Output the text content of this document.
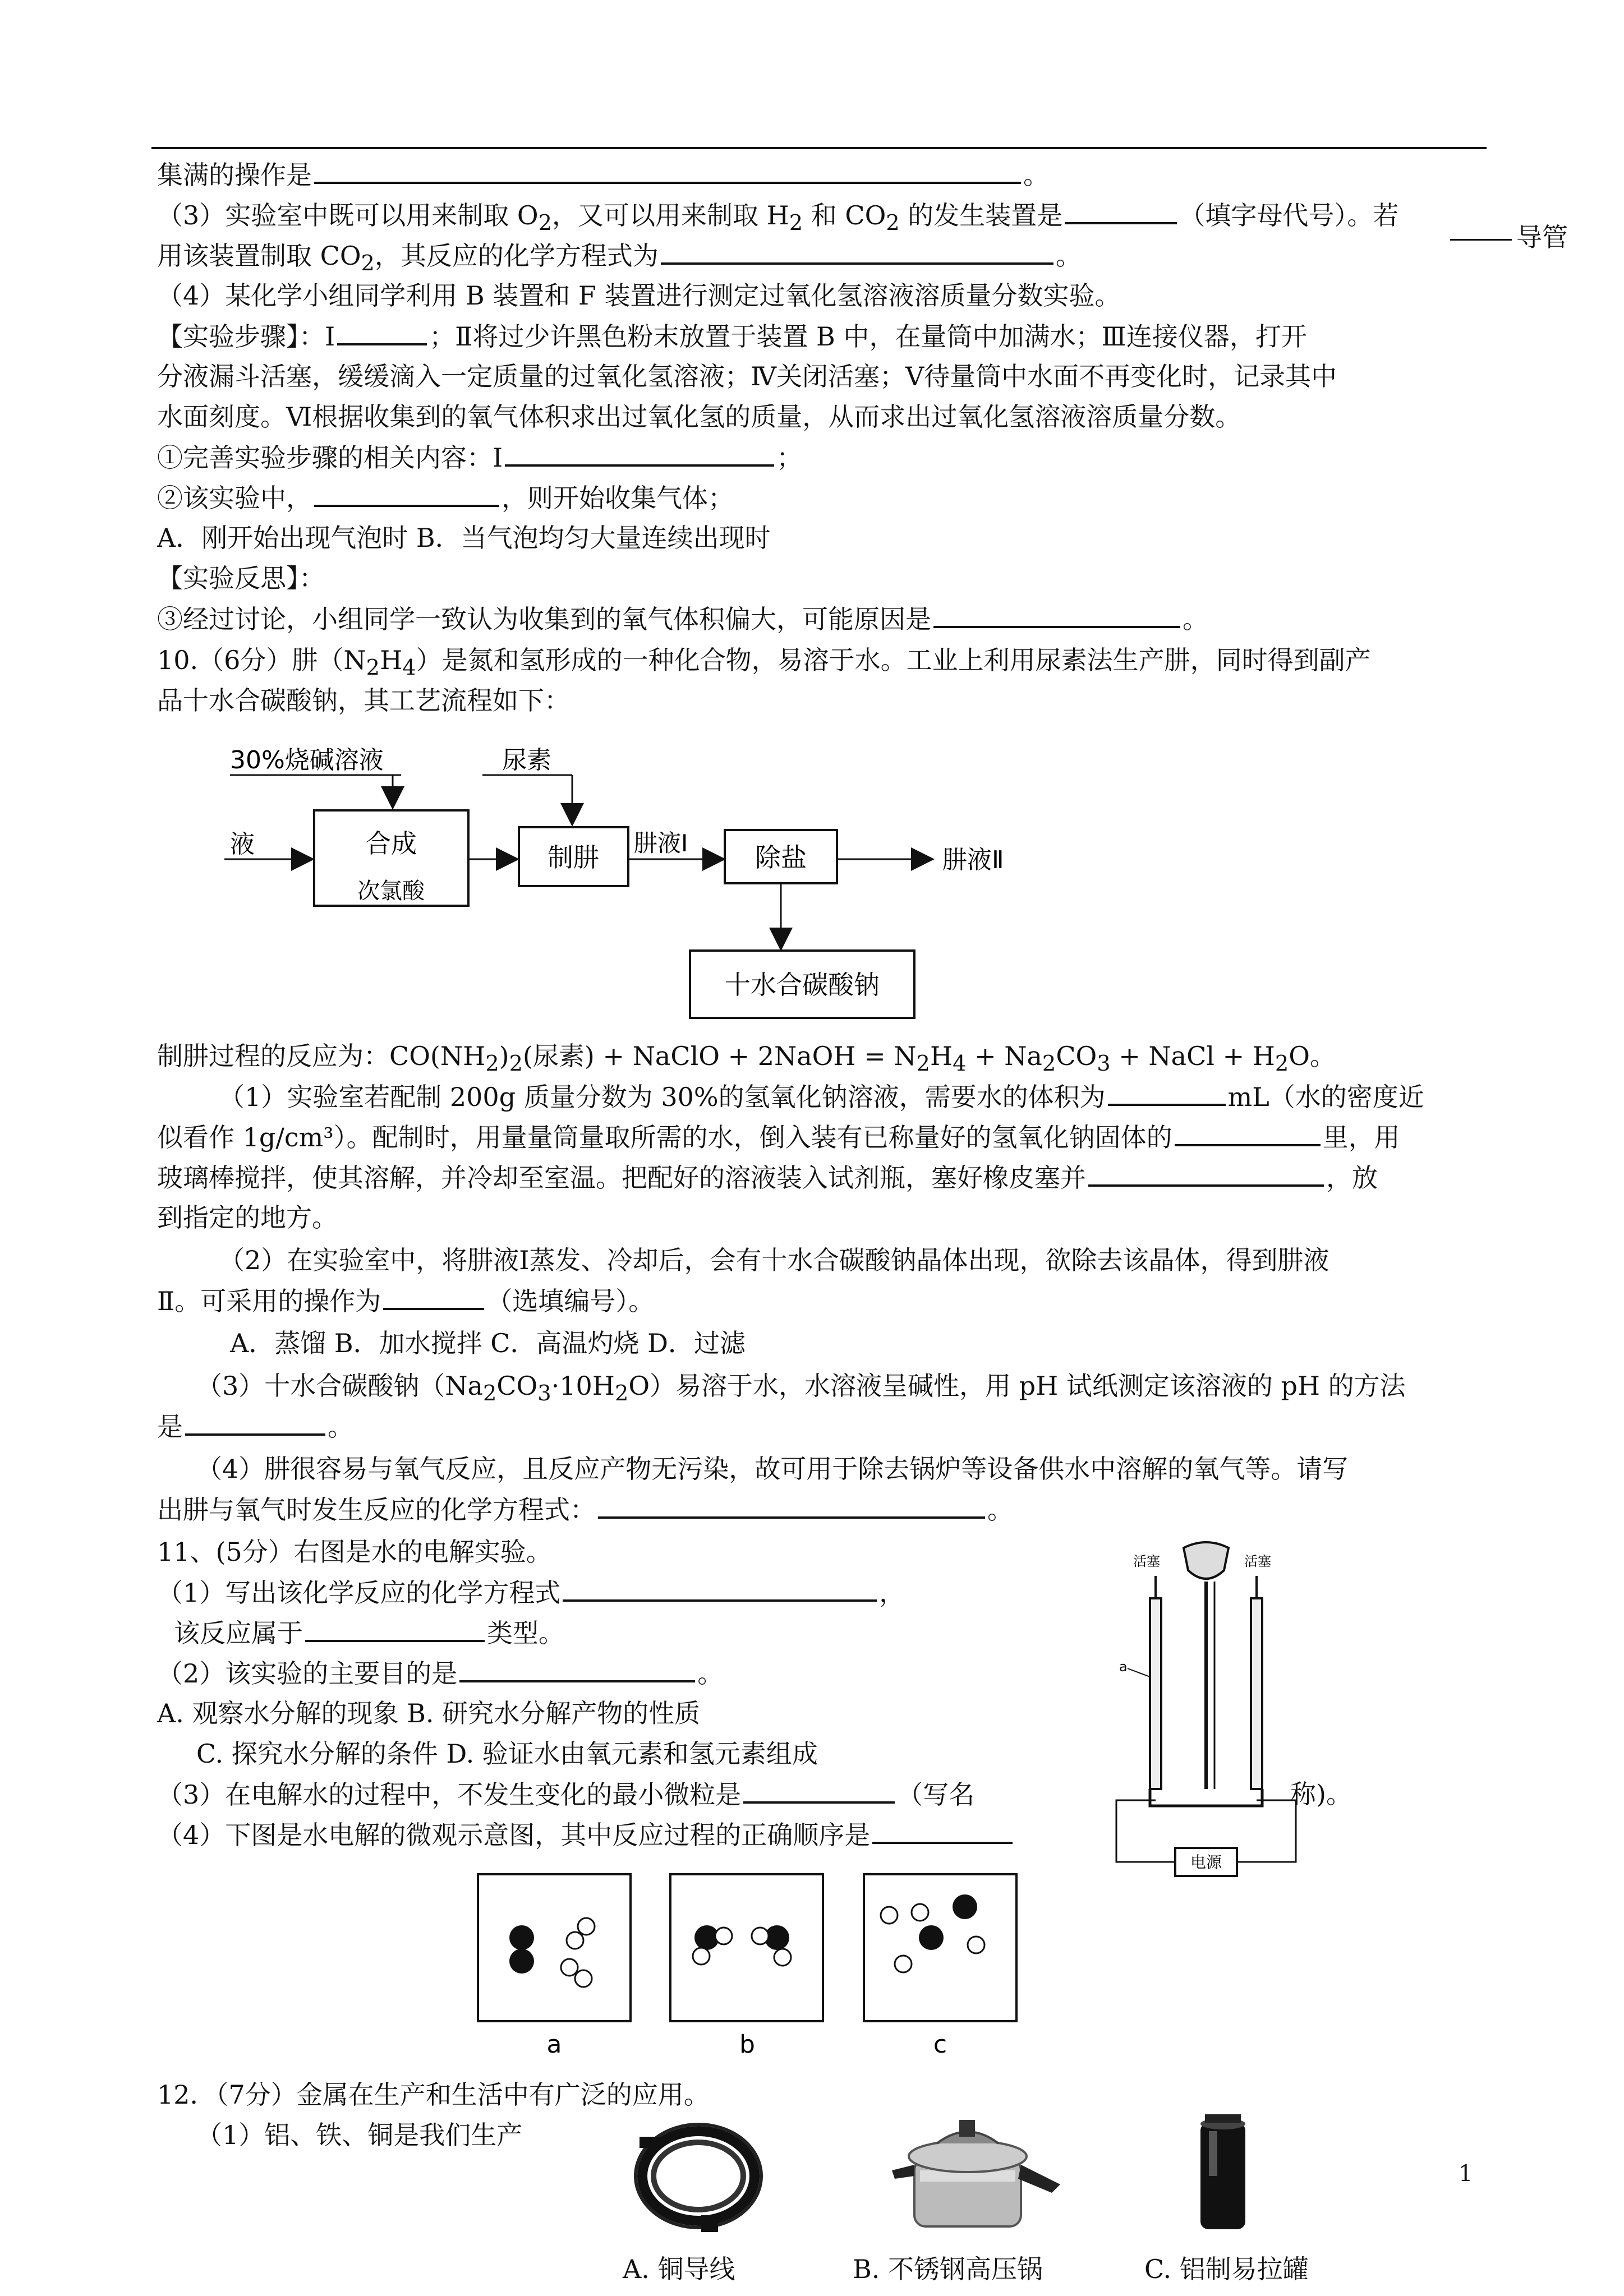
导管
集满的操作是	。
（3）实验室中既可以用来制取 $O_2$，又可以用来制取 $H_2$ 和 $CO_2$ 的发生装置是	（填字母代号）。若
用该装置制取 $CO_2$，其反应的化学方程式为	。
（4）某化学小组同学利用 B 装置和 F 装置进行测定过氧化氢溶液溶质量分数实验。
【实验步骤】：Ⅰ	；Ⅱ将过少许黑色粉末放置于装置 B 中，在量筒中加满水；Ⅲ连接仪器，打开
分液漏斗活塞，缓缓滴入一定质量的过氧化氢溶液；Ⅳ关闭活塞；Ⅴ待量筒中水面不再变化时，记录其中
水面刻度。Ⅵ根据收集到的氧气体积求出过氧化氢的质量，从而求出过氧化氢溶液溶质量分数。
①完善实验步骤的相关内容：Ⅰ	；
②该实验中，	，则开始收集气体；
A．刚开始出现气泡时 B．当气泡均匀大量连续出现时
【实验反思】：
③经过讨论，小组同学一致认为收集到的氧气体积偏大，可能原因是	。
10.（6分）肼$(N_2H_4)$是氮和氢形成的一种化合物，易溶于水。工业上利用尿素法生产肼，同时得到副产
品十水合碳酸钠，其工艺流程如下：
30%烧碱溶液	尿素
液	合成
次氯酸
制肼 肼液Ⅰ	除盐	肼液Ⅱ
十水合碳酸钠
制肼过程的反应为：$CO(NH_2)_2$(尿素) + NaClO + 2NaOH = $N_2H_4 + Na_2CO_3$ + NaCl + $H_2O$。
（1）实验室若配制 200g 质量分数为 30%的氢氧化钠溶液，需要水的体积为	mL（水的密度近
似看作 1g/cm³）。配制时，用量量筒量取所需的水，倒入装有已称量好的氢氧化钠固体的	里，用
玻璃棒搅拌，使其溶解，并冷却至室温。把配好的溶液装入试剂瓶，塞好橡皮塞并	，放
到指定的地方。
（2）在实验室中，将肼液Ⅰ蒸发、冷却后，会有十水合碳酸钠晶体出现，欲除去该晶体，得到肼液
Ⅱ。可采用的操作为	（选填编号）。
A．蒸馏 B．加水搅拌 C．高温灼烧 D．过滤
（3）十水合碳酸钠$(Na_2CO_3\cdot 10H_2O)$易溶于水，水溶液呈碱性，用 pH 试纸测定该溶液的 pH 的方法
是	。
（4）肼很容易与氧气反应，且反应产物无污染，故可用于除去锅炉等设备供水中溶解的氧气等。请写
出肼与氧气时发生反应的化学方程式：	。
11、(5分）右图是水的电解实验。
（1）写出该化学反应的化学方程式	，
该反应属于	类型。
（2）该实验的主要目的是	。
A. 观察水分解的现象 B. 研究水分解产物的性质
C. 探究水分解的条件 D. 验证水由氧元素和氢元素组成
（3）在电解水的过程中，不发生变化的最小微粒是	（写名	称)。
（4）下图是水电解的微观示意图，其中反应过程的正确顺序是
活塞	活塞
a
电源
a	b	c
12．（7分）金属在生产和生活中有广泛的应用。
（1）铝、铁、铜是我们生产
A. 铜导线	B. 不锈钢高压锅	C. 铝制易拉罐
1
